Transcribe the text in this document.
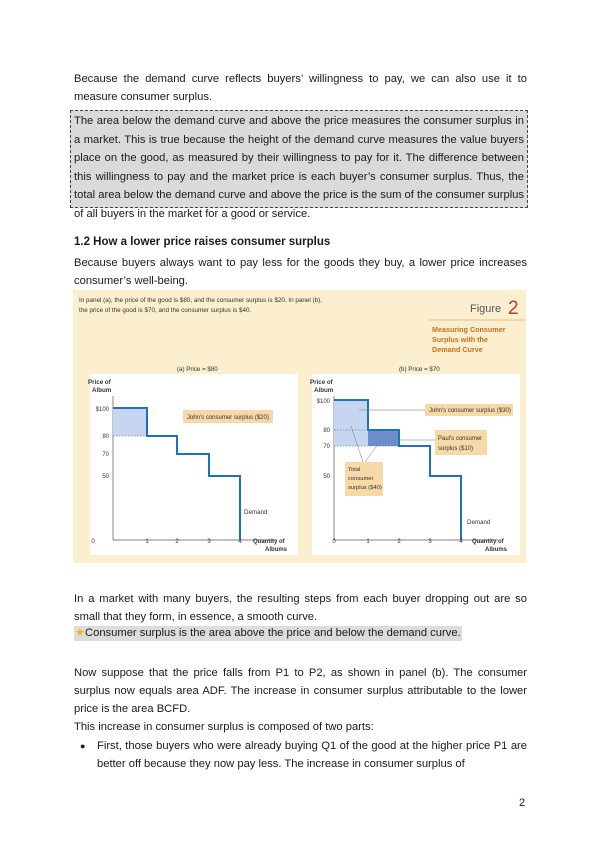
Because the demand curve reflects buyers’ willingness to pay, we can also use it to measure consumer surplus.

The area below the demand curve and above the price measures the consumer surplus in a market. This is true because the height of the demand curve measures the value buyers place on the good, as measured by their willingness to pay for it. The difference between this willingness to pay and the market price is each buyer’s consumer surplus. Thus, the total area below the demand curve and above the price is the sum of the consumer surplus of all buyers in the market for a good or service.
1.2 How a lower price raises consumer surplus

Because buyers always want to pay less for the goods they buy, a lower price increases consumer’s well-being.

In panel (a), the price of the good is $80, and the consumer surplus is $20. In panel (b),
the price of the good is $70, and the consumer surplus is $40.	Figure 2
Measuring Consumer
Surplus with the
Demand Curve
(a) Price = $80
Price of
Album
$100
80
70
50
John's consumer surplus ($20)
Demand
0	1	2	3	4 Quantity of
Albums
(b) Price = $70
Price of
Album
$100
80
70
50
John's consumer surplus ($30)
Paul's consumer
surplus ($10)
Total
consumer
surplus ($40)
Demand
0	1	2	3	4 Quantity of
Albums

In a market with many buyers, the resulting steps from each buyer dropping out are so small that they form, in essence, a smooth curve.

★Consumer surplus is the area above the price and below the demand curve.

Now suppose that the price falls from P1 to P2, as shown in panel (b). The consumer surplus now equals area ADF. The increase in consumer surplus attributable to the lower price is the area BCFD.

This increase in consumer surplus is composed of two parts:

● First, those buyers who were already buying Q1 of the good at the higher price P1 are better off because they now pay less. The increase in consumer surplus of
2
